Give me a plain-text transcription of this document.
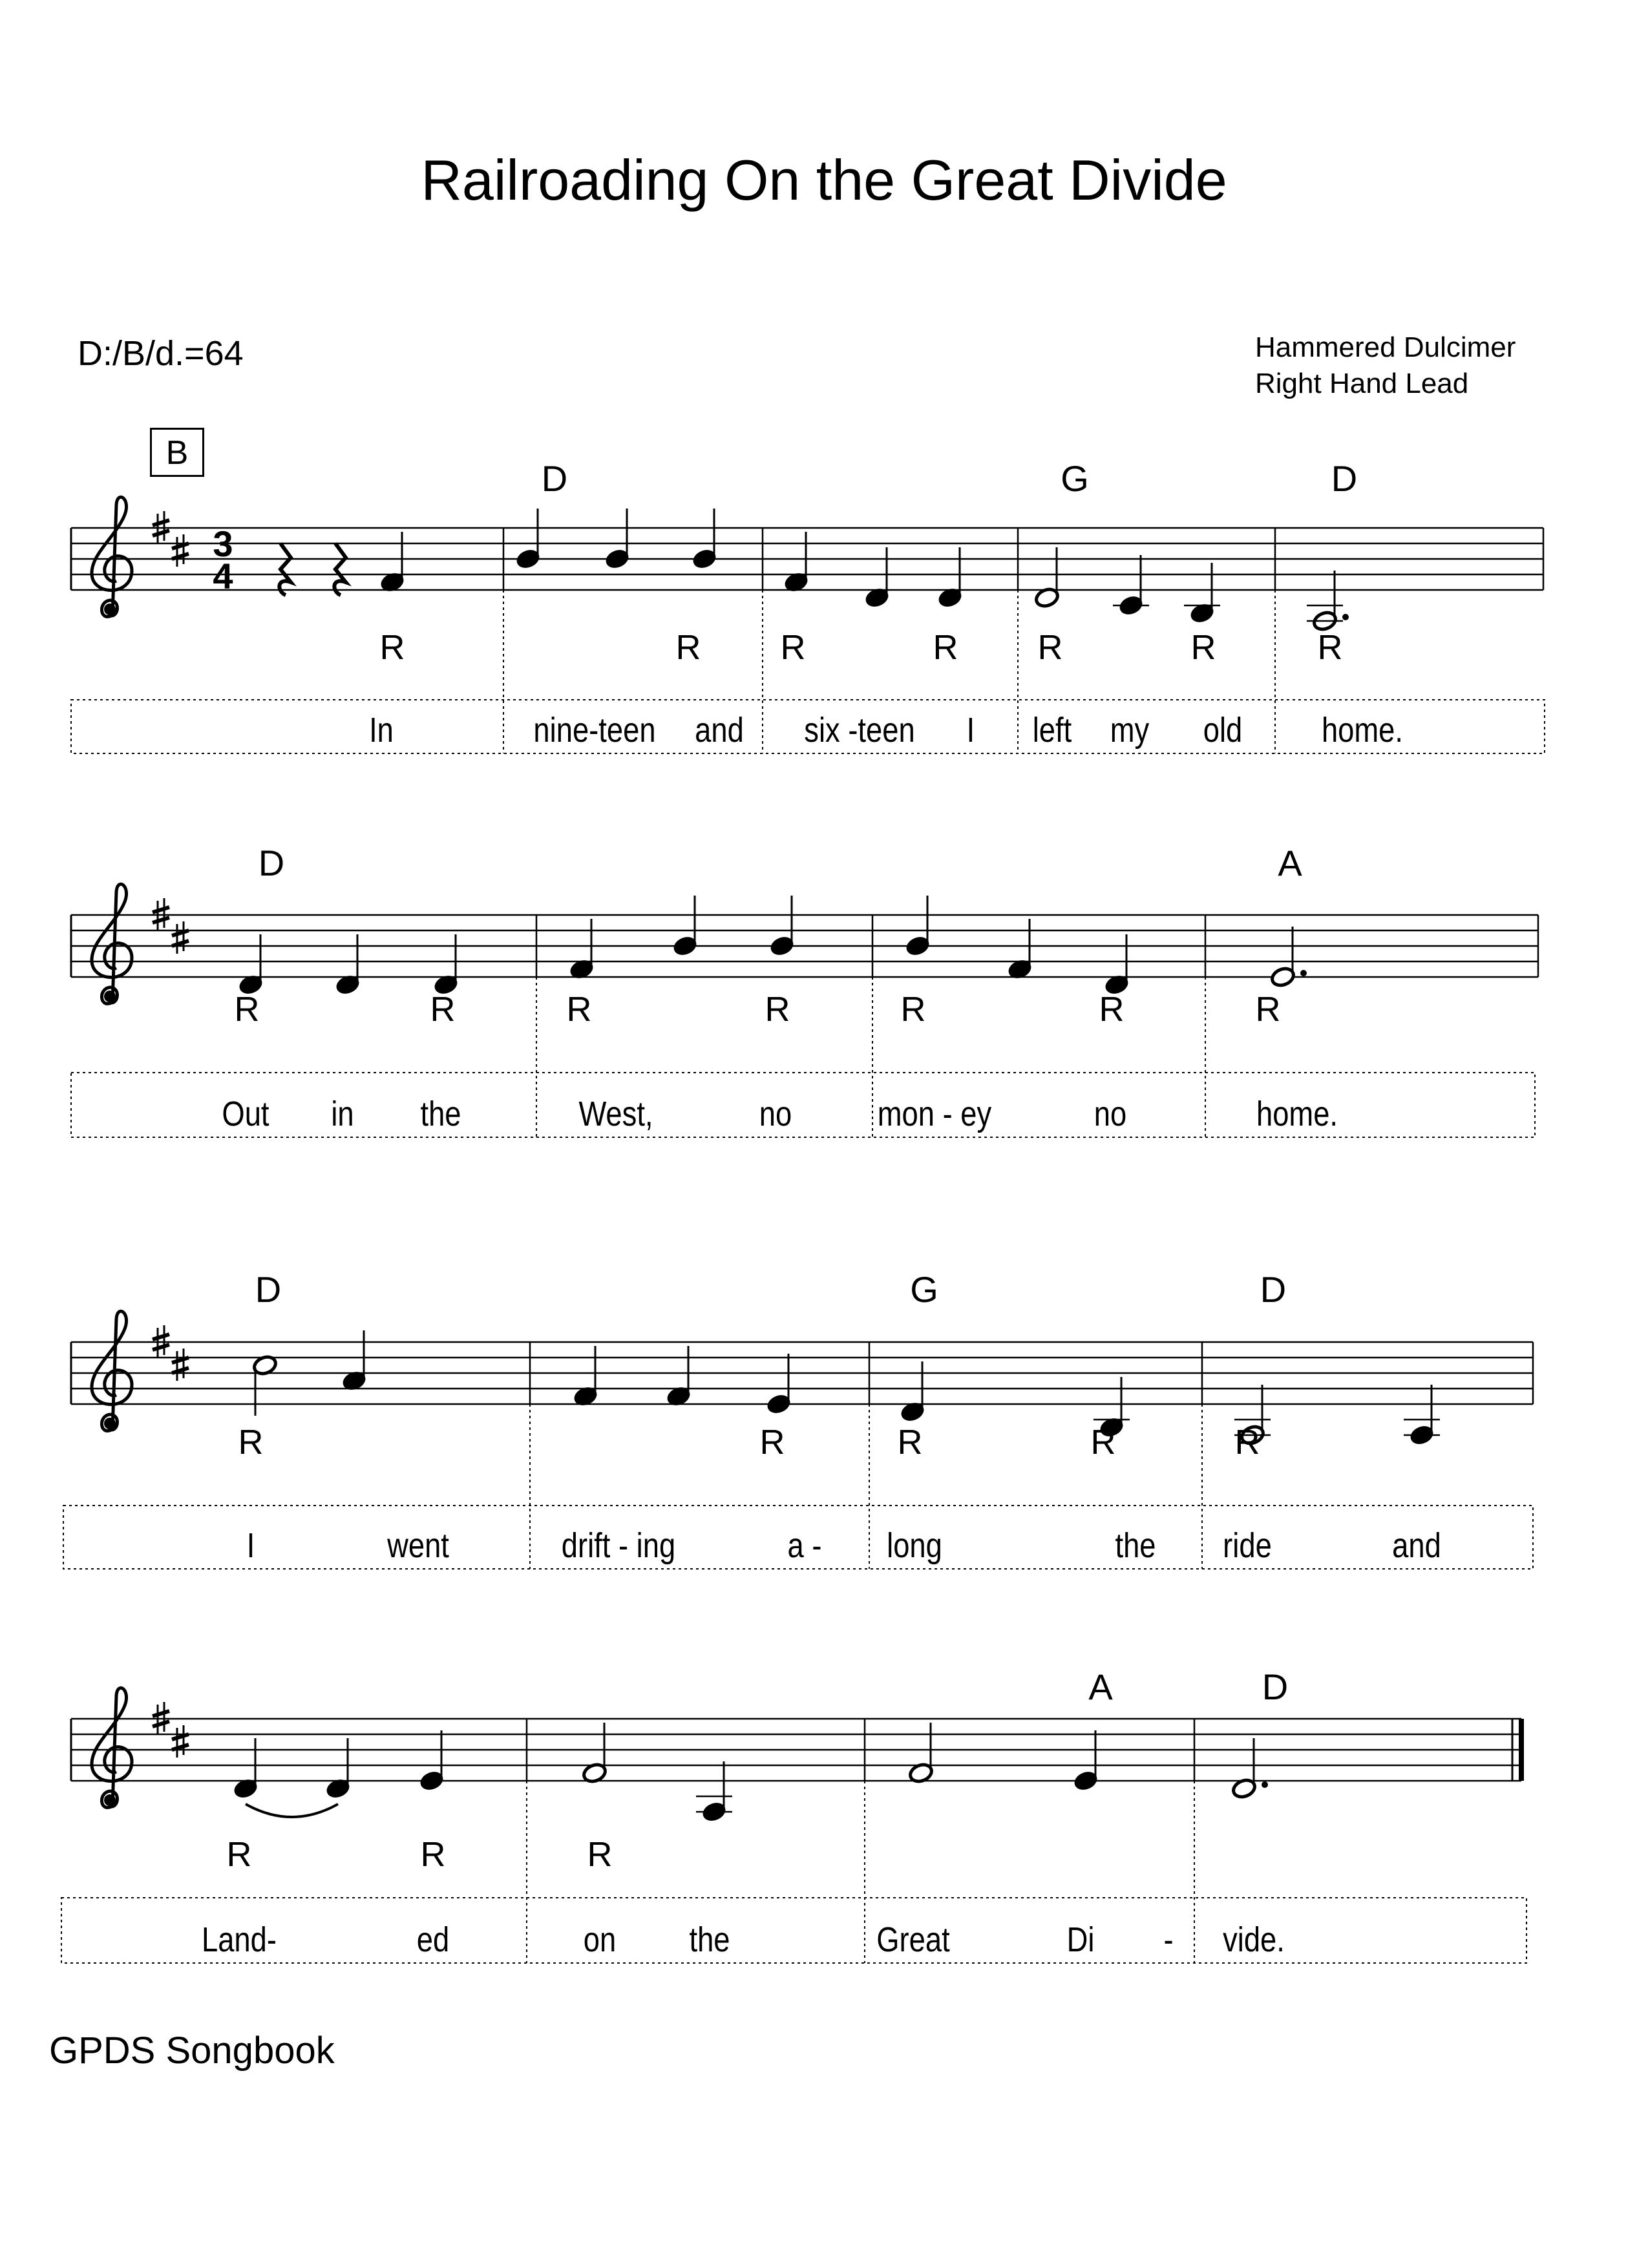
Railroading On the Great Divide
D:/B/d.=64	Hammered Dulcimer
Right Hand Lead
B
3
4
D	G	D
R	R R	R R	R	R
In	nine-teen and six -teen I left my old home.
D	A
R	R	R	R	R	R	R
Out in the	West,	no mon - ey	no	home.
D	G	D
R	R	R	R	R
I	went	drift - ing	a - long	the ride	and
A	D
R	R	R
Land-	ed	on the	Great	Di - vide.
GPDS Songbook
